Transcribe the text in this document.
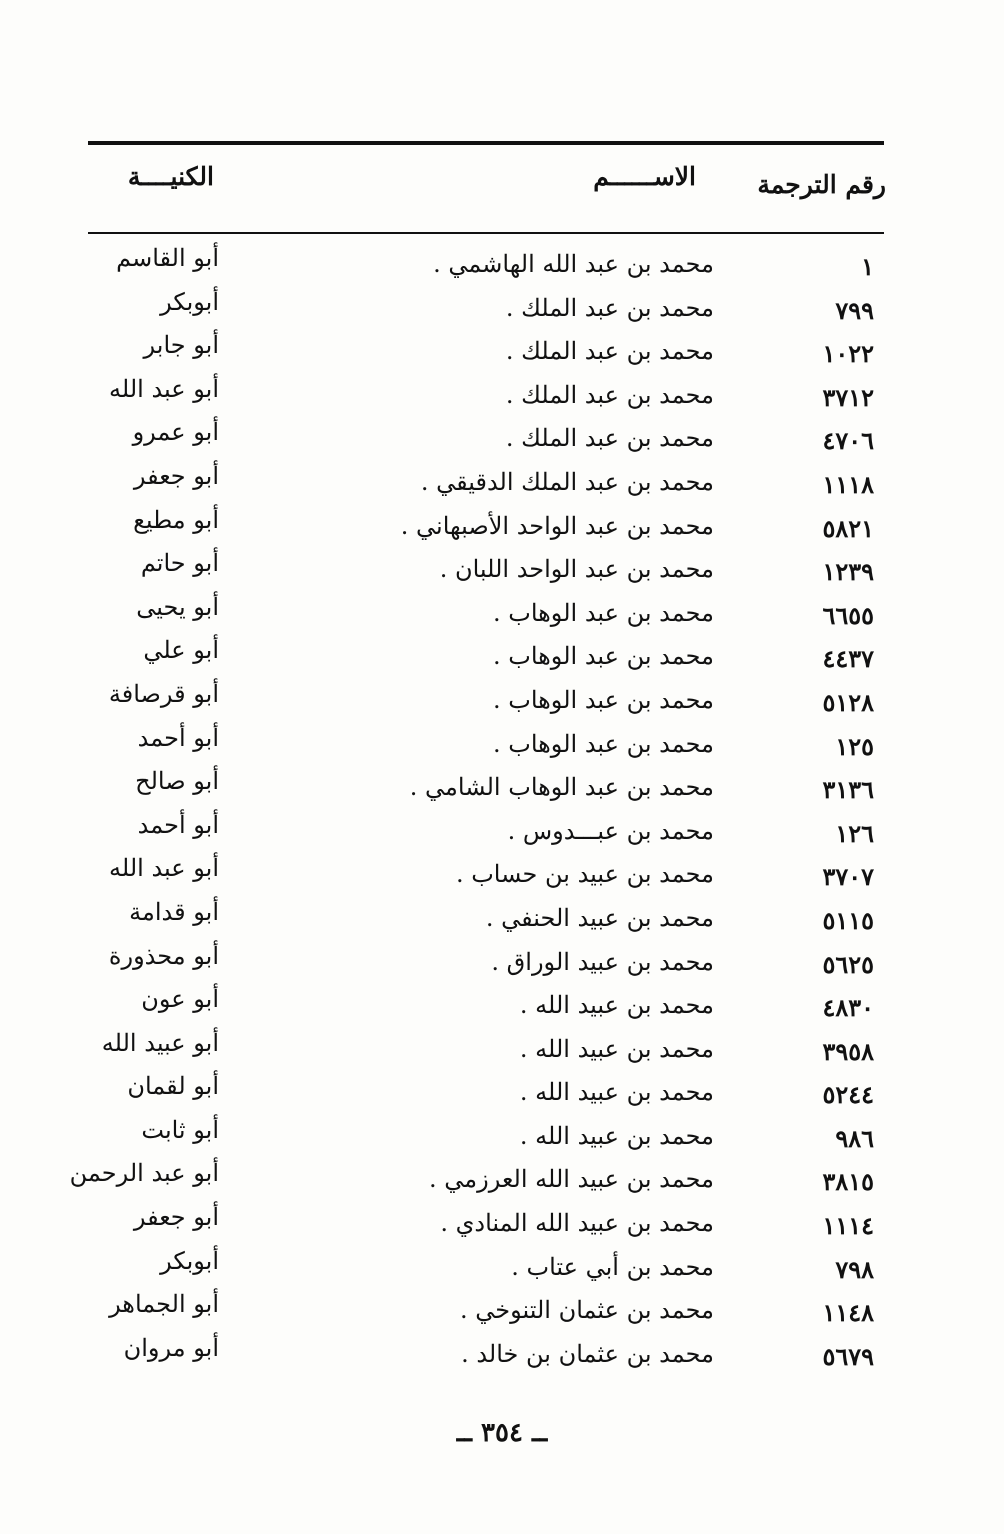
رقم الترجمة
الاســــــم
الكنيــــة
١
محمد بن عبد الله الهاشمي .
أبو القاسم
٧٩٩
محمد بن عبد الملك .
أبوبكر
١٠٢٢
محمد بن عبد الملك .
أبو جابر
٣٧١٢
محمد بن عبد الملك .
أبو عبد الله
٤٧٠٦
محمد بن عبد الملك .
أبو عمرو
١١١٨
محمد بن عبد الملك الدقيقي .
أبو جعفر
٥٨٢١
محمد بن عبد الواحد الأصبهاني .
أبو مطيع
١٢٣٩
محمد بن عبد الواحد اللبان .
أبو حاتم
٦٦٥٥
محمد بن عبد الوهاب .
أبو يحيى
٤٤٣٧
محمد بن عبد الوهاب .
أبو علي
٥١٢٨
محمد بن عبد الوهاب .
أبو قرصافة
١٢٥
محمد بن عبد الوهاب .
أبو أحمد
٣١٣٦
محمد بن عبد الوهاب الشامي .
أبو صالح
١٢٦
محمد بن عبـــدوس .
أبو أحمد
٣٧٠٧
محمد بن عبيد بن حساب .
أبو عبد الله
٥١١٥
محمد بن عبيد الحنفي .
أبو قدامة
٥٦٢٥
محمد بن عبيد الوراق .
أبو محذورة
٤٨٣٠
محمد بن عبيد الله .
أبو عون
٣٩٥٨
محمد بن عبيد الله .
أبو عبيد الله
٥٢٤٤
محمد بن عبيد الله .
أبو لقمان
٩٨٦
محمد بن عبيد الله .
أبو ثابت
٣٨١٥
محمد بن عبيد الله العرزمي .
أبو عبد الرحمن
١١١٤
محمد بن عبيد الله المنادي .
أبو جعفر
٧٩٨
محمد بن أبي عتاب .
أبوبكر
١١٤٨
محمد بن عثمان التنوخي .
أبو الجماهر
٥٦٧٩
محمد بن عثمان بن خالد .
أبو مروان
ــ ٣٥٤ ــ
